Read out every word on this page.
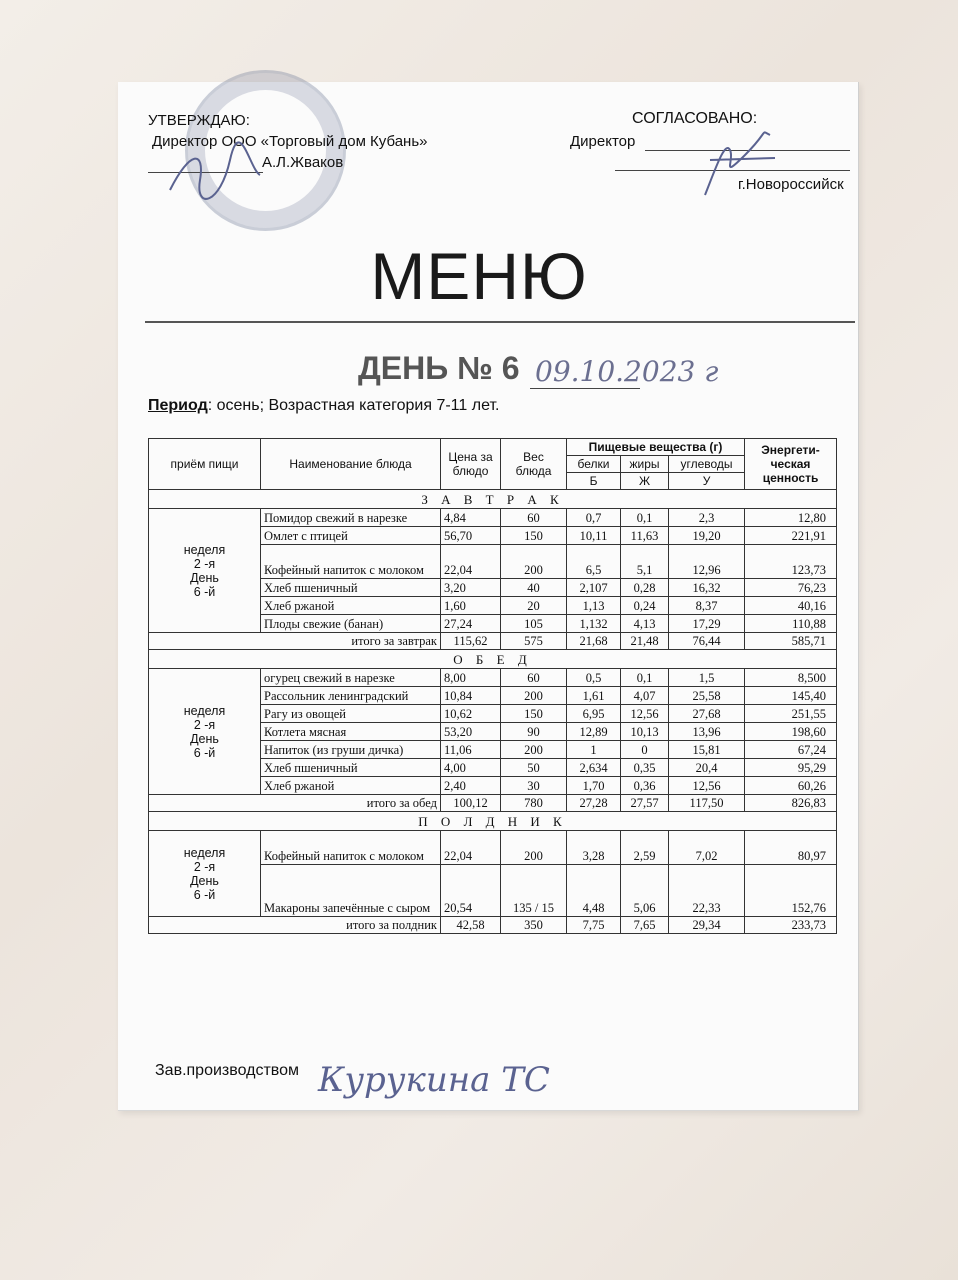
УТВЕРЖДАЮ:
Директор ООО «Торговый дом Кубань»
А.Л.Жваков
СОГЛАСОВАНО:
Директор
г.Новороссийск
МЕНЮ
ДЕНЬ № 6 09.10.2023 г
Период: осень; Возрастная категория 7-11 лет.
приём пищи	Наименование блюда	Цена за блюдо	Вес блюда	Пищевые вещества (г)			Энергети-ческая ценность
				белки	жиры	углеводы	
				Б	Ж	У	
З А В Т Р А К							

неделя
2 -я
День
6 -й	Помидор свежий в нарезке	4,84	60	0,7	0,1	2,3	12,80
	Омлет с птицей	56,70	150	10,11	11,63	19,20	221,91
	Кофейный напиток с молоком	22,04	200	6,5	5,1	12,96	123,73
	Хлеб пшеничный	3,20	40	2,107	0,28	16,32	76,23
	Хлеб ржаной	1,60	20	1,13	0,24	8,37	40,16
	Плоды свежие (банан)	27,24	105	1,132	4,13	17,29	110,88
итого за завтрак		115,62	575	21,68	21,48	76,44	585,71
О Б Е Д							

неделя
2 -я
День
6 -й	огурец свежий в нарезке	8,00	60	0,5	0,1	1,5	8,500
	Рассольник ленинградский	10,84	200	1,61	4,07	25,58	145,40
	Рагу из овощей	10,62	150	6,95	12,56	27,68	251,55
	Котлета мясная	53,20	90	12,89	10,13	13,96	198,60
	Напиток (из груши дичка)	11,06	200	1	0	15,81	67,24
	Хлеб пшеничный	4,00	50	2,634	0,35	20,4	95,29
	Хлеб ржаной	2,40	30	1,70	0,36	12,56	60,26
итого за обед		100,12	780	27,28	27,57	117,50	826,83
П О Л Д Н И К							

неделя
2 -я
День
6 -й	Кофейный напиток с молоком	22,04	200	3,28	2,59	7,02	80,97
	Макароны запечённые с сыром	20,54	135 / 15	4,48	5,06	22,33	152,76
итого за полдник		42,58	350	7,75	7,65	29,34	233,73
Зав.производством Курукина ТС
